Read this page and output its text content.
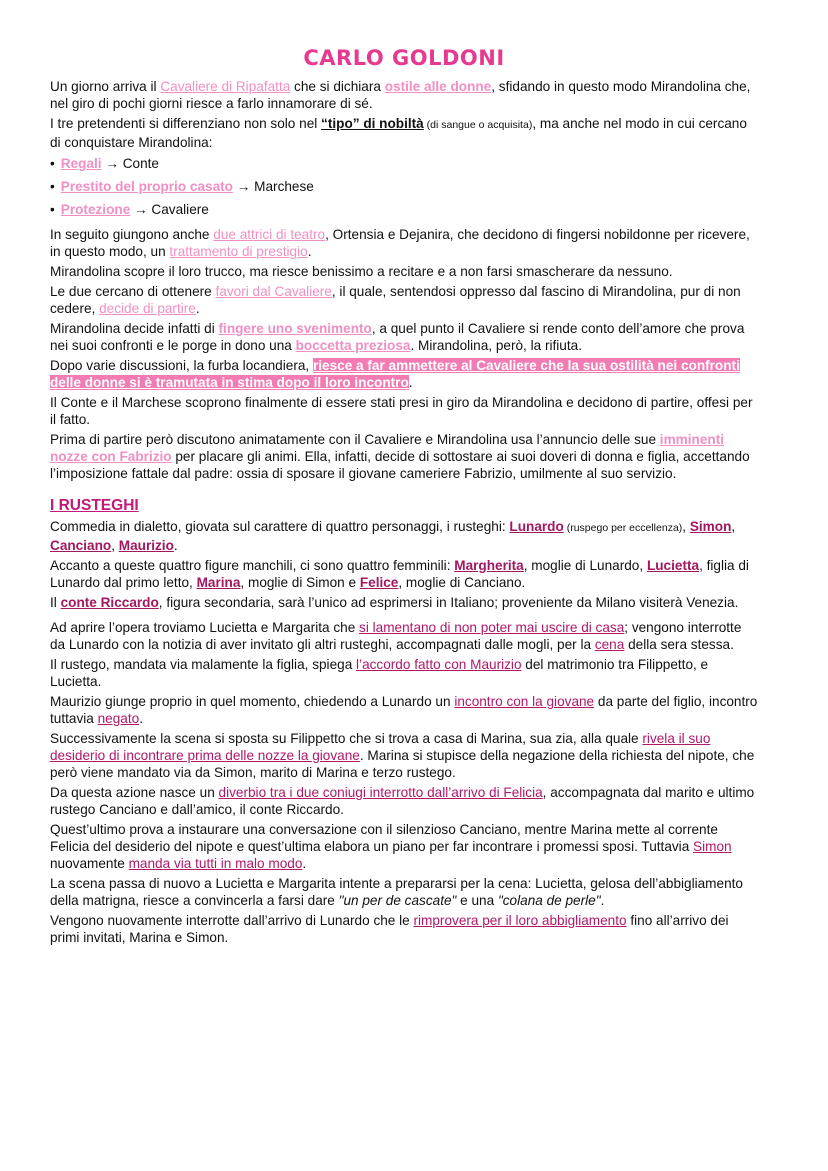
CARLO GOLDONI

Un giorno arriva il Cavaliere di Ripafatta che si dichiara ostile alle donne, sfidando in questo modo Mirandolina che, nel giro di pochi giorni riesce a farlo innamorare di sé.

I tre pretendenti si differenziano non solo nel “tipo” di nobiltà (di sangue o acquisita), ma anche nel modo in cui cercano di conquistare Mirandolina:

• Regali → Conte
• Prestito del proprio casato → Marchese
• Protezione → Cavaliere

In seguito giungono anche due attrici di teatro, Ortensia e Dejanira, che decidono di fingersi nobildonne per ricevere, in questo modo, un trattamento di prestigio.

Mirandolina scopre il loro trucco, ma riesce benissimo a recitare e a non farsi smascherare da nessuno.

Le due cercano di ottenere favori dal Cavaliere, il quale, sentendosi oppresso dal fascino di Mirandolina, pur di non cedere, decide di partire.

Mirandolina decide infatti di fingere uno svenimento, a quel punto il Cavaliere si rende conto dell’amore che prova nei suoi confronti e le porge in dono una boccetta preziosa. Mirandolina, però, la rifiuta.

Dopo varie discussioni, la furba locandiera, riesce a far ammettere al Cavaliere che la sua ostilità nei confronti delle donne si è tramutata in stima dopo il loro incontro.

Il Conte e il Marchese scoprono finalmente di essere stati presi in giro da Mirandolina e decidono di partire, offesi per il fatto.

Prima di partire però discutono animatamente con il Cavaliere e Mirandolina usa l’annuncio delle sue imminenti nozze con Fabrizio per placare gli animi. Ella, infatti, decide di sottostare ai suoi doveri di donna e figlia, accettando l’imposizione fattale dal padre: ossia di sposare il giovane cameriere Fabrizio, umilmente al suo servizio.

I RUSTEGHI

Commedia in dialetto, giovata sul carattere di quattro personaggi, i rusteghi: Lunardo (ruspego per eccellenza), Simon, Canciano, Maurizio.

Accanto a queste quattro figure manchili, ci sono quattro femminili: Margherita, moglie di Lunardo, Lucietta, figlia di Lunardo dal primo letto, Marina, moglie di Simon e Felice, moglie di Canciano.

Il conte Riccardo, figura secondaria, sarà l’unico ad esprimersi in Italiano; proveniente da Milano visiterà Venezia.

Ad aprire l’opera troviamo Lucietta e Margarita che si lamentano di non poter mai uscire di casa; vengono interrotte da Lunardo con la notizia di aver invitato gli altri rusteghi, accompagnati dalle mogli, per la cena della sera stessa.

Il rustego, mandata via malamente la figlia, spiega l’accordo fatto con Maurizio del matrimonio tra Filippetto, e Lucietta.

Maurizio giunge proprio in quel momento, chiedendo a Lunardo un incontro con la giovane da parte del figlio, incontro tuttavia negato.

Successivamente la scena si sposta su Filippetto che si trova a casa di Marina, sua zia, alla quale rivela il suo desiderio di incontrare prima delle nozze la giovane. Marina si stupisce della negazione della richiesta del nipote, che però viene mandato via da Simon, marito di Marina e terzo rustego.

Da questa azione nasce un diverbio tra i due coniugi interrotto dall’arrivo di Felicia, accompagnata dal marito e ultimo rustego Canciano e dall’amico, il conte Riccardo.

Quest’ultimo prova a instaurare una conversazione con il silenzioso Canciano, mentre Marina mette al corrente Felicia del desiderio del nipote e quest’ultima elabora un piano per far incontrare i promessi sposi. Tuttavia Simon nuovamente manda via tutti in malo modo.

La scena passa di nuovo a Lucietta e Margarita intente a prepararsi per la cena: Lucietta, gelosa dell’abbigliamento della matrigna, riesce a convincerla a farsi dare "un per de cascate" e una "colana de perle".

Vengono nuovamente interrotte dall’arrivo di Lunardo che le rimprovera per il loro abbigliamento fino all’arrivo dei primi invitati, Marina e Simon.
